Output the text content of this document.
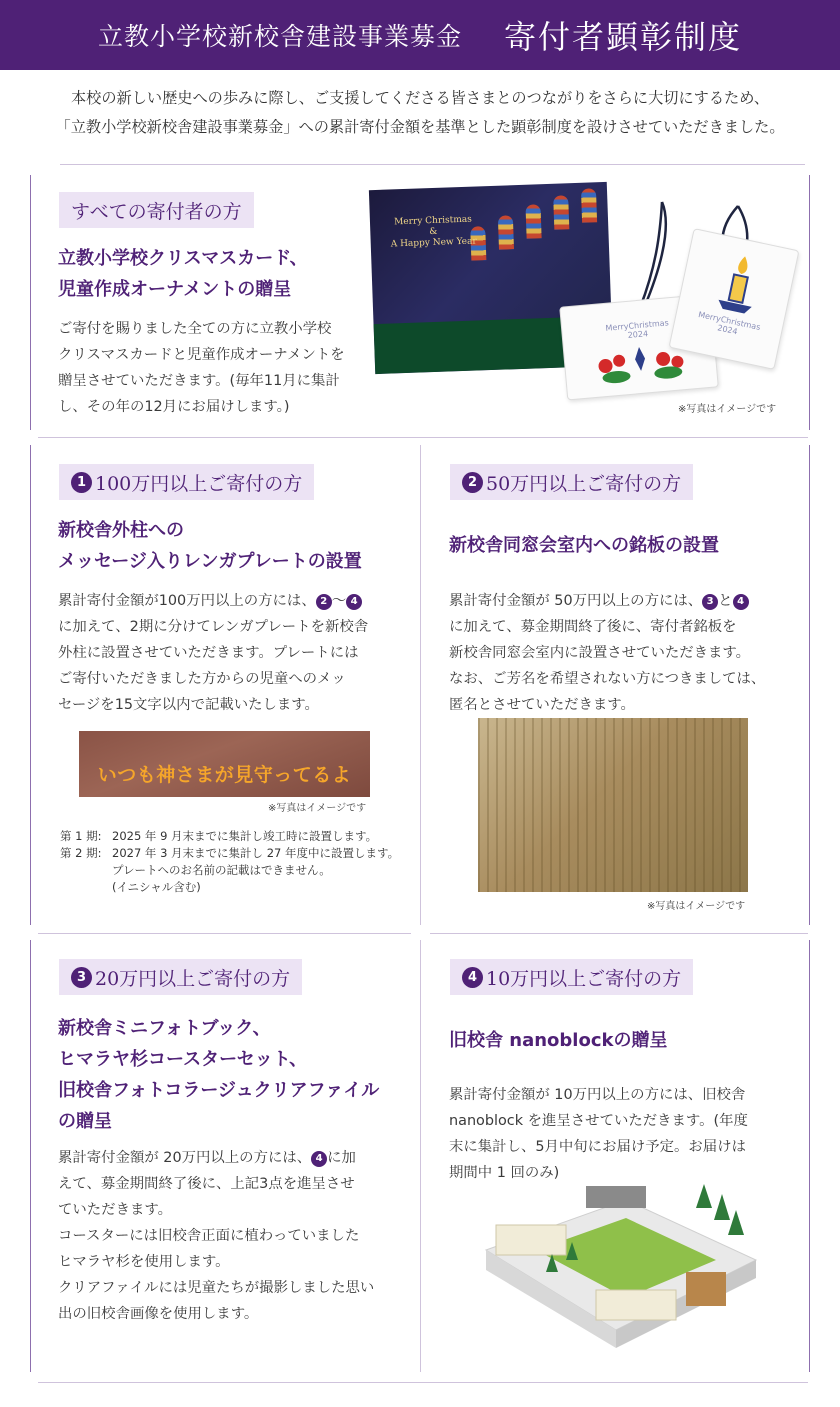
立教小学校新校舎建設事業募金 寄付者顕彰制度
本校の新しい歴史への歩みに際し、ご支援してくださる皆さまとのつながりをさらに大切にするため、
「立教小学校新校舎建設事業募金」への累計寄付金額を基準とした顕彰制度を設けさせていただきました。
すべての寄付者の方
立教小学校クリスマスカード、
児童作成オーナメントの贈呈
ご寄付を賜りました全ての方に立教小学校
クリスマスカードと児童作成オーナメントを
贈呈させていただきます。(毎年11月に集計
し、その年の12月にお届けします。)
Merry Christmas
&
A Happy New Year
MerryChristmas
2024
MerryChristmas
2024
※写真はイメージです
1 100万円以上ご寄付の方
新校舎外柱への
メッセージ入りレンガプレートの設置
累計寄付金額が100万円以上の方には、 2 〜 4
に加えて、2期に分けてレンガプレートを新校舎
外柱に設置させていただきます。プレートには
ご寄付いただきました方からの児童へのメッ
セージを15文字以内で記載いたします。
いつも神さまが見守ってるよ
※写真はイメージです
第 1 期: 2025 年 9 月末までに集計し竣工時に設置します。
第 2 期: 2027 年 3 月末までに集計し 27 年度中に設置します。
プレートへのお名前の記載はできません。
(イニシャル含む)
2 50万円以上ご寄付の方
新校舎同窓会室内への銘板の設置
累計寄付金額が 50万円以上の方には、 3 と 4
に加えて、募金期間終了後に、寄付者銘板を
新校舎同窓会室内に設置させていただきます。
なお、ご芳名を希望されない方につきましては、
匿名とさせていただきます。
※写真はイメージです
3 20万円以上ご寄付の方
新校舎ミニフォトブック、
ヒマラヤ杉コースターセット、
旧校舎フォトコラージュクリアファイル
の贈呈
累計寄付金額が 20万円以上の方には、 4 に加
えて、募金期間終了後に、上記3点を進呈させ
ていただきます。
コースターには旧校舎正面に植わっていました
ヒマラヤ杉を使用します。
クリアファイルには児童たちが撮影しました思い
出の旧校舎画像を使用します。
4 10万円以上ご寄付の方
旧校舎 nanoblockの贈呈
累計寄付金額が 10万円以上の方には、旧校舎
nanoblock を進呈させていただきます。(年度
末に集計し、5月中旬にお届け予定。お届けは
期間中 1 回のみ)
